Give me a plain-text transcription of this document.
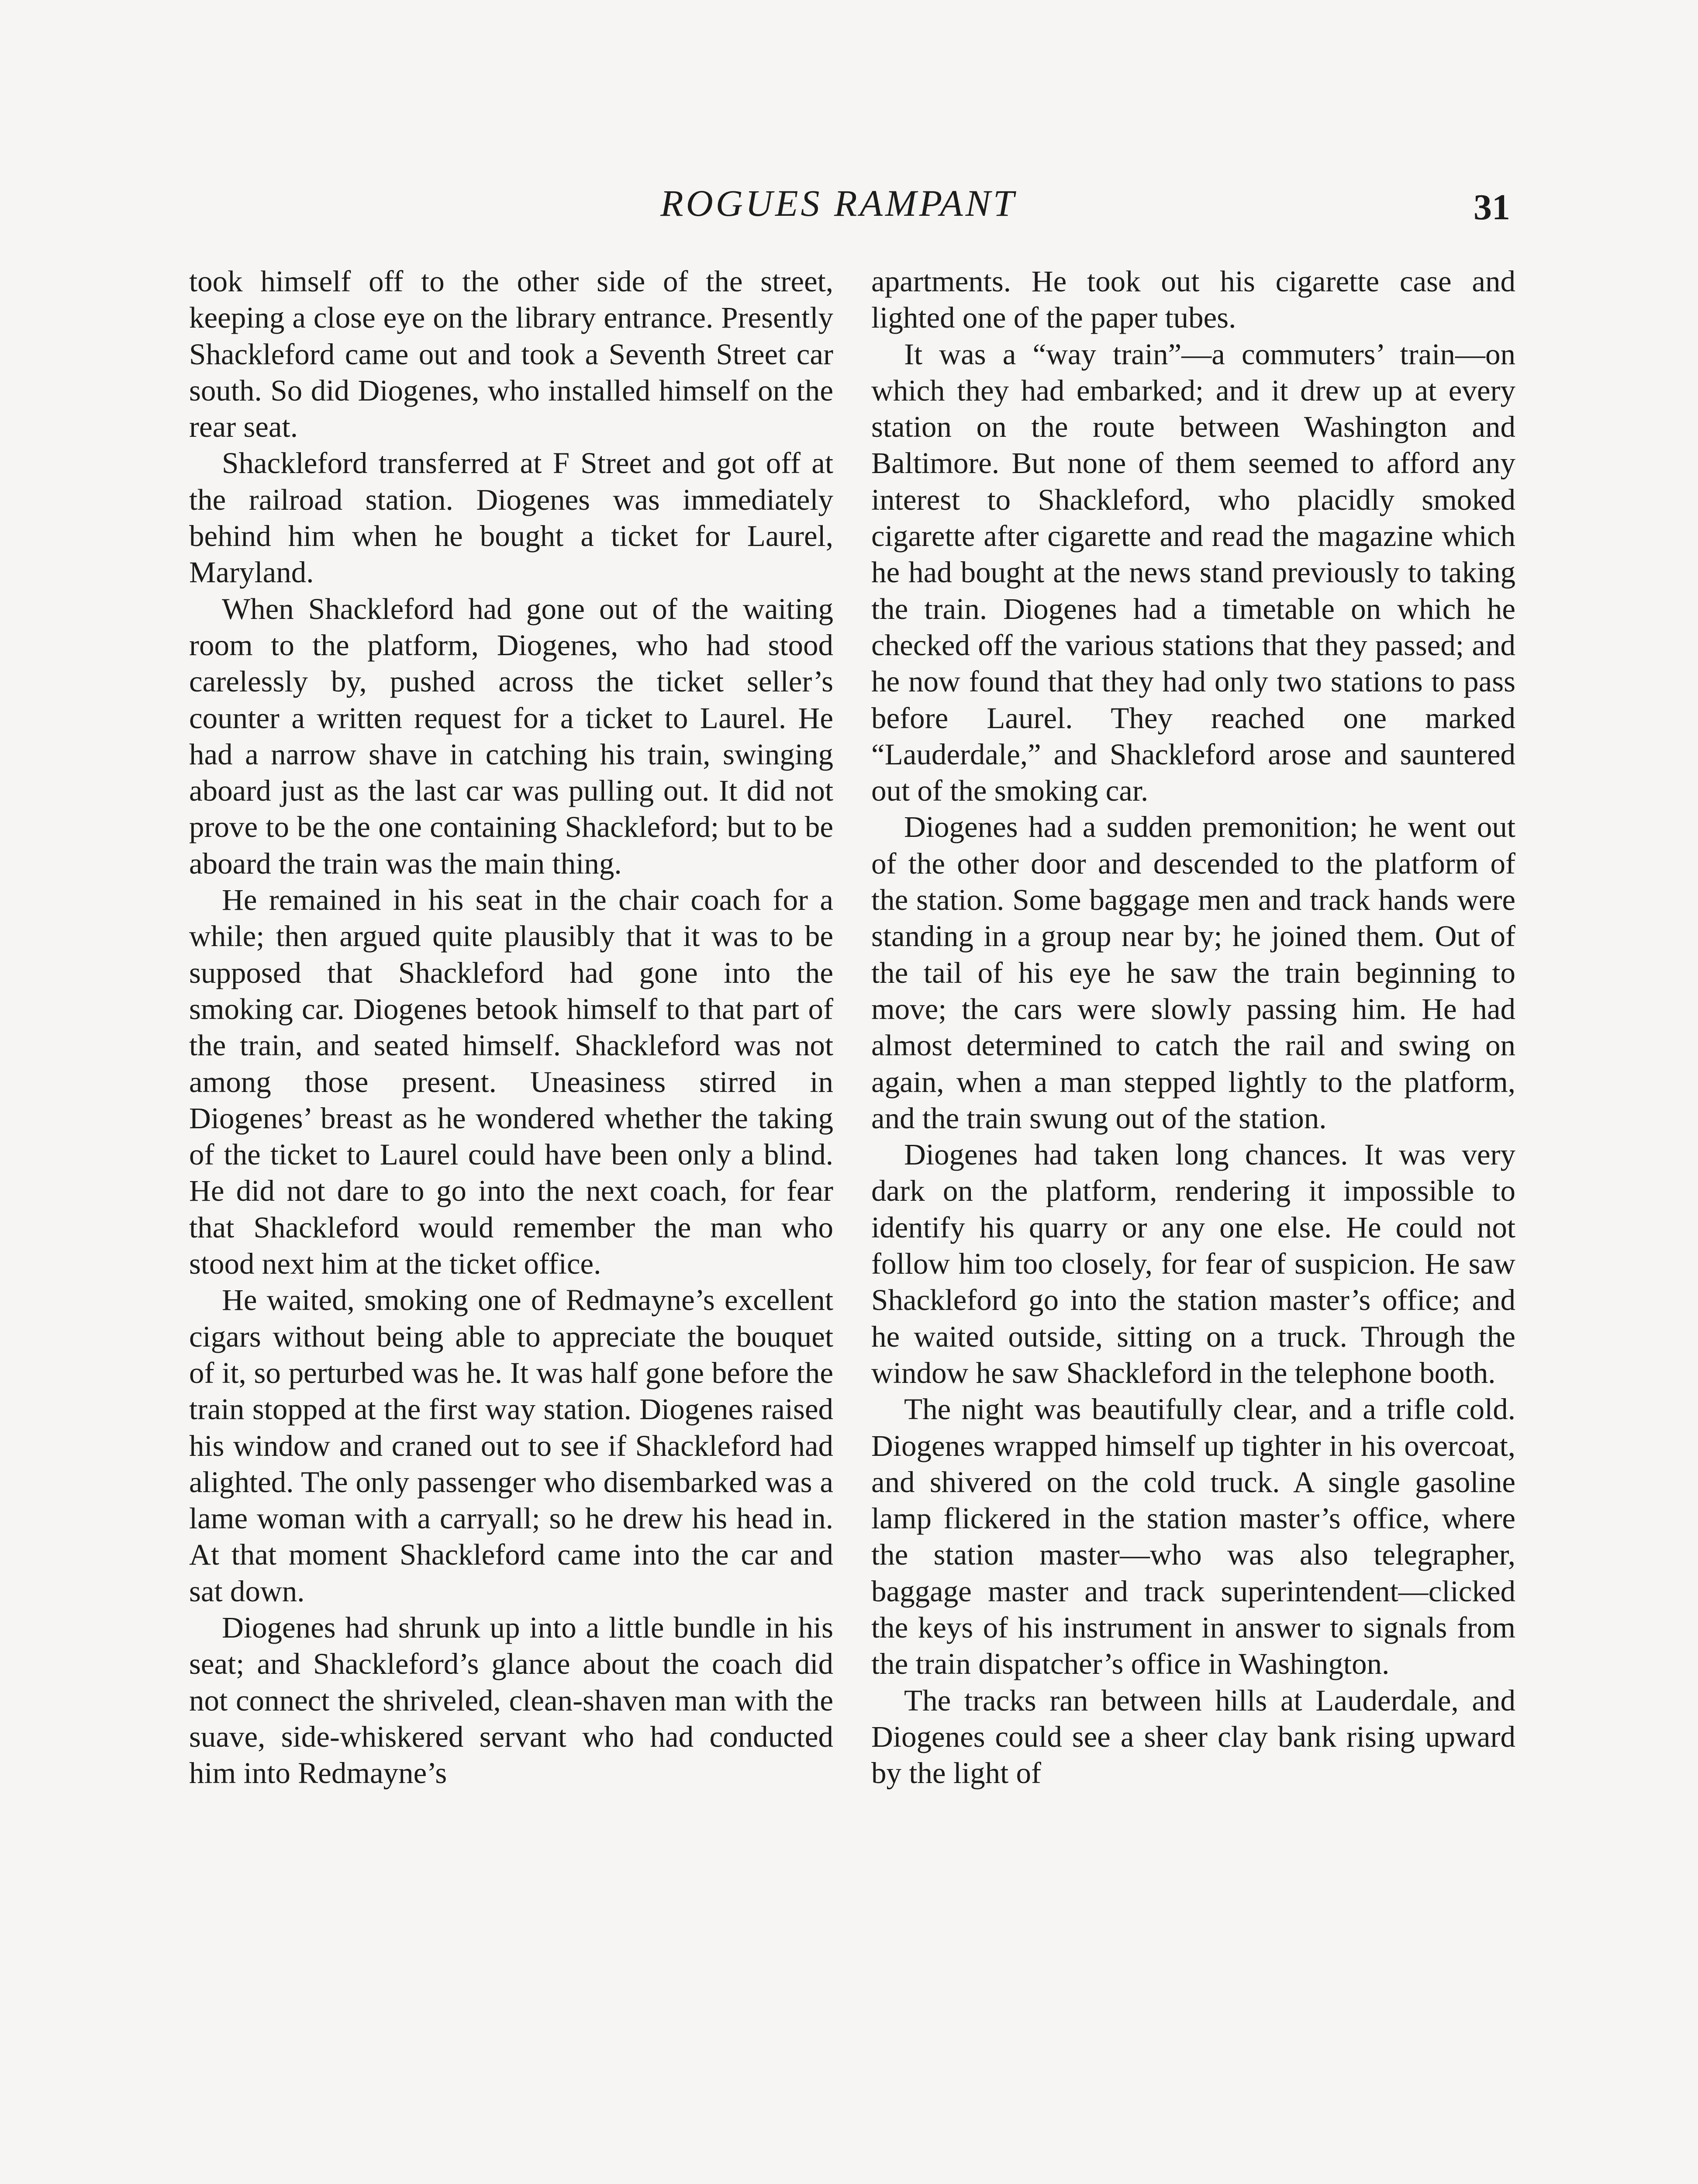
ROGUES RAMPANT	31

took himself off to the other side of the street, keeping a close eye on the library entrance. Presently Shackleford came out and took a Seventh Street car south. So did Diogenes, who installed himself on the rear seat.

Shackleford transferred at F Street and got off at the railroad station. Diogenes was immediately behind him when he bought a ticket for Laurel, Maryland.

When Shackleford had gone out of the waiting room to the platform, Diogenes, who had stood carelessly by, pushed across the ticket seller’s counter a written request for a ticket to Laurel. He had a narrow shave in catching his train, swinging aboard just as the last car was pulling out. It did not prove to be the one containing Shackleford; but to be aboard the train was the main thing.

He remained in his seat in the chair coach for a while; then argued quite plausibly that it was to be supposed that Shackleford had gone into the smoking car. Diogenes betook himself to that part of the train, and seated himself. Shackleford was not among those present. Uneasiness stirred in Diogenes’ breast as he wondered whether the taking of the ticket to Laurel could have been only a blind. He did not dare to go into the next coach, for fear that Shackleford would remember the man who stood next him at the ticket office.

He waited, smoking one of Redmayne’s excellent cigars without being able to appreciate the bouquet of it, so perturbed was he. It was half gone before the train stopped at the first way station. Diogenes raised his window and craned out to see if Shackleford had alighted. The only passenger who disembarked was a lame woman with a carryall; so he drew his head in. At that moment Shackleford came into the car and sat down.

Diogenes had shrunk up into a little bundle in his seat; and Shackleford’s glance about the coach did not connect the shriveled, clean-shaven man with the suave, side-whiskered servant who had conducted him into Redmayne’s

apartments. He took out his cigarette case and lighted one of the paper tubes.

It was a “way train”—a commuters’ train—on which they had embarked; and it drew up at every station on the route between Washington and Baltimore. But none of them seemed to afford any interest to Shackleford, who placidly smoked cigarette after cigarette and read the magazine which he had bought at the news stand previously to taking the train. Diogenes had a timetable on which he checked off the various stations that they passed; and he now found that they had only two stations to pass before Laurel. They reached one marked “Lauderdale,” and Shackleford arose and sauntered out of the smoking car.

Diogenes had a sudden premonition; he went out of the other door and descended to the platform of the station. Some baggage men and track hands were standing in a group near by; he joined them. Out of the tail of his eye he saw the train beginning to move; the cars were slowly passing him. He had almost determined to catch the rail and swing on again, when a man stepped lightly to the platform, and the train swung out of the station.

Diogenes had taken long chances. It was very dark on the platform, rendering it impossible to identify his quarry or any one else. He could not follow him too closely, for fear of suspicion. He saw Shackleford go into the station master’s office; and he waited outside, sitting on a truck. Through the window he saw Shackleford in the telephone booth.

The night was beautifully clear, and a trifle cold. Diogenes wrapped himself up tighter in his overcoat, and shivered on the cold truck. A single gasoline lamp flickered in the station master’s office, where the station master—who was also telegrapher, baggage master and track superintendent—clicked the keys of his instrument in answer to signals from the train dispatcher’s office in Washington.

The tracks ran between hills at Lauderdale, and Diogenes could see a sheer clay bank rising upward by the light of
